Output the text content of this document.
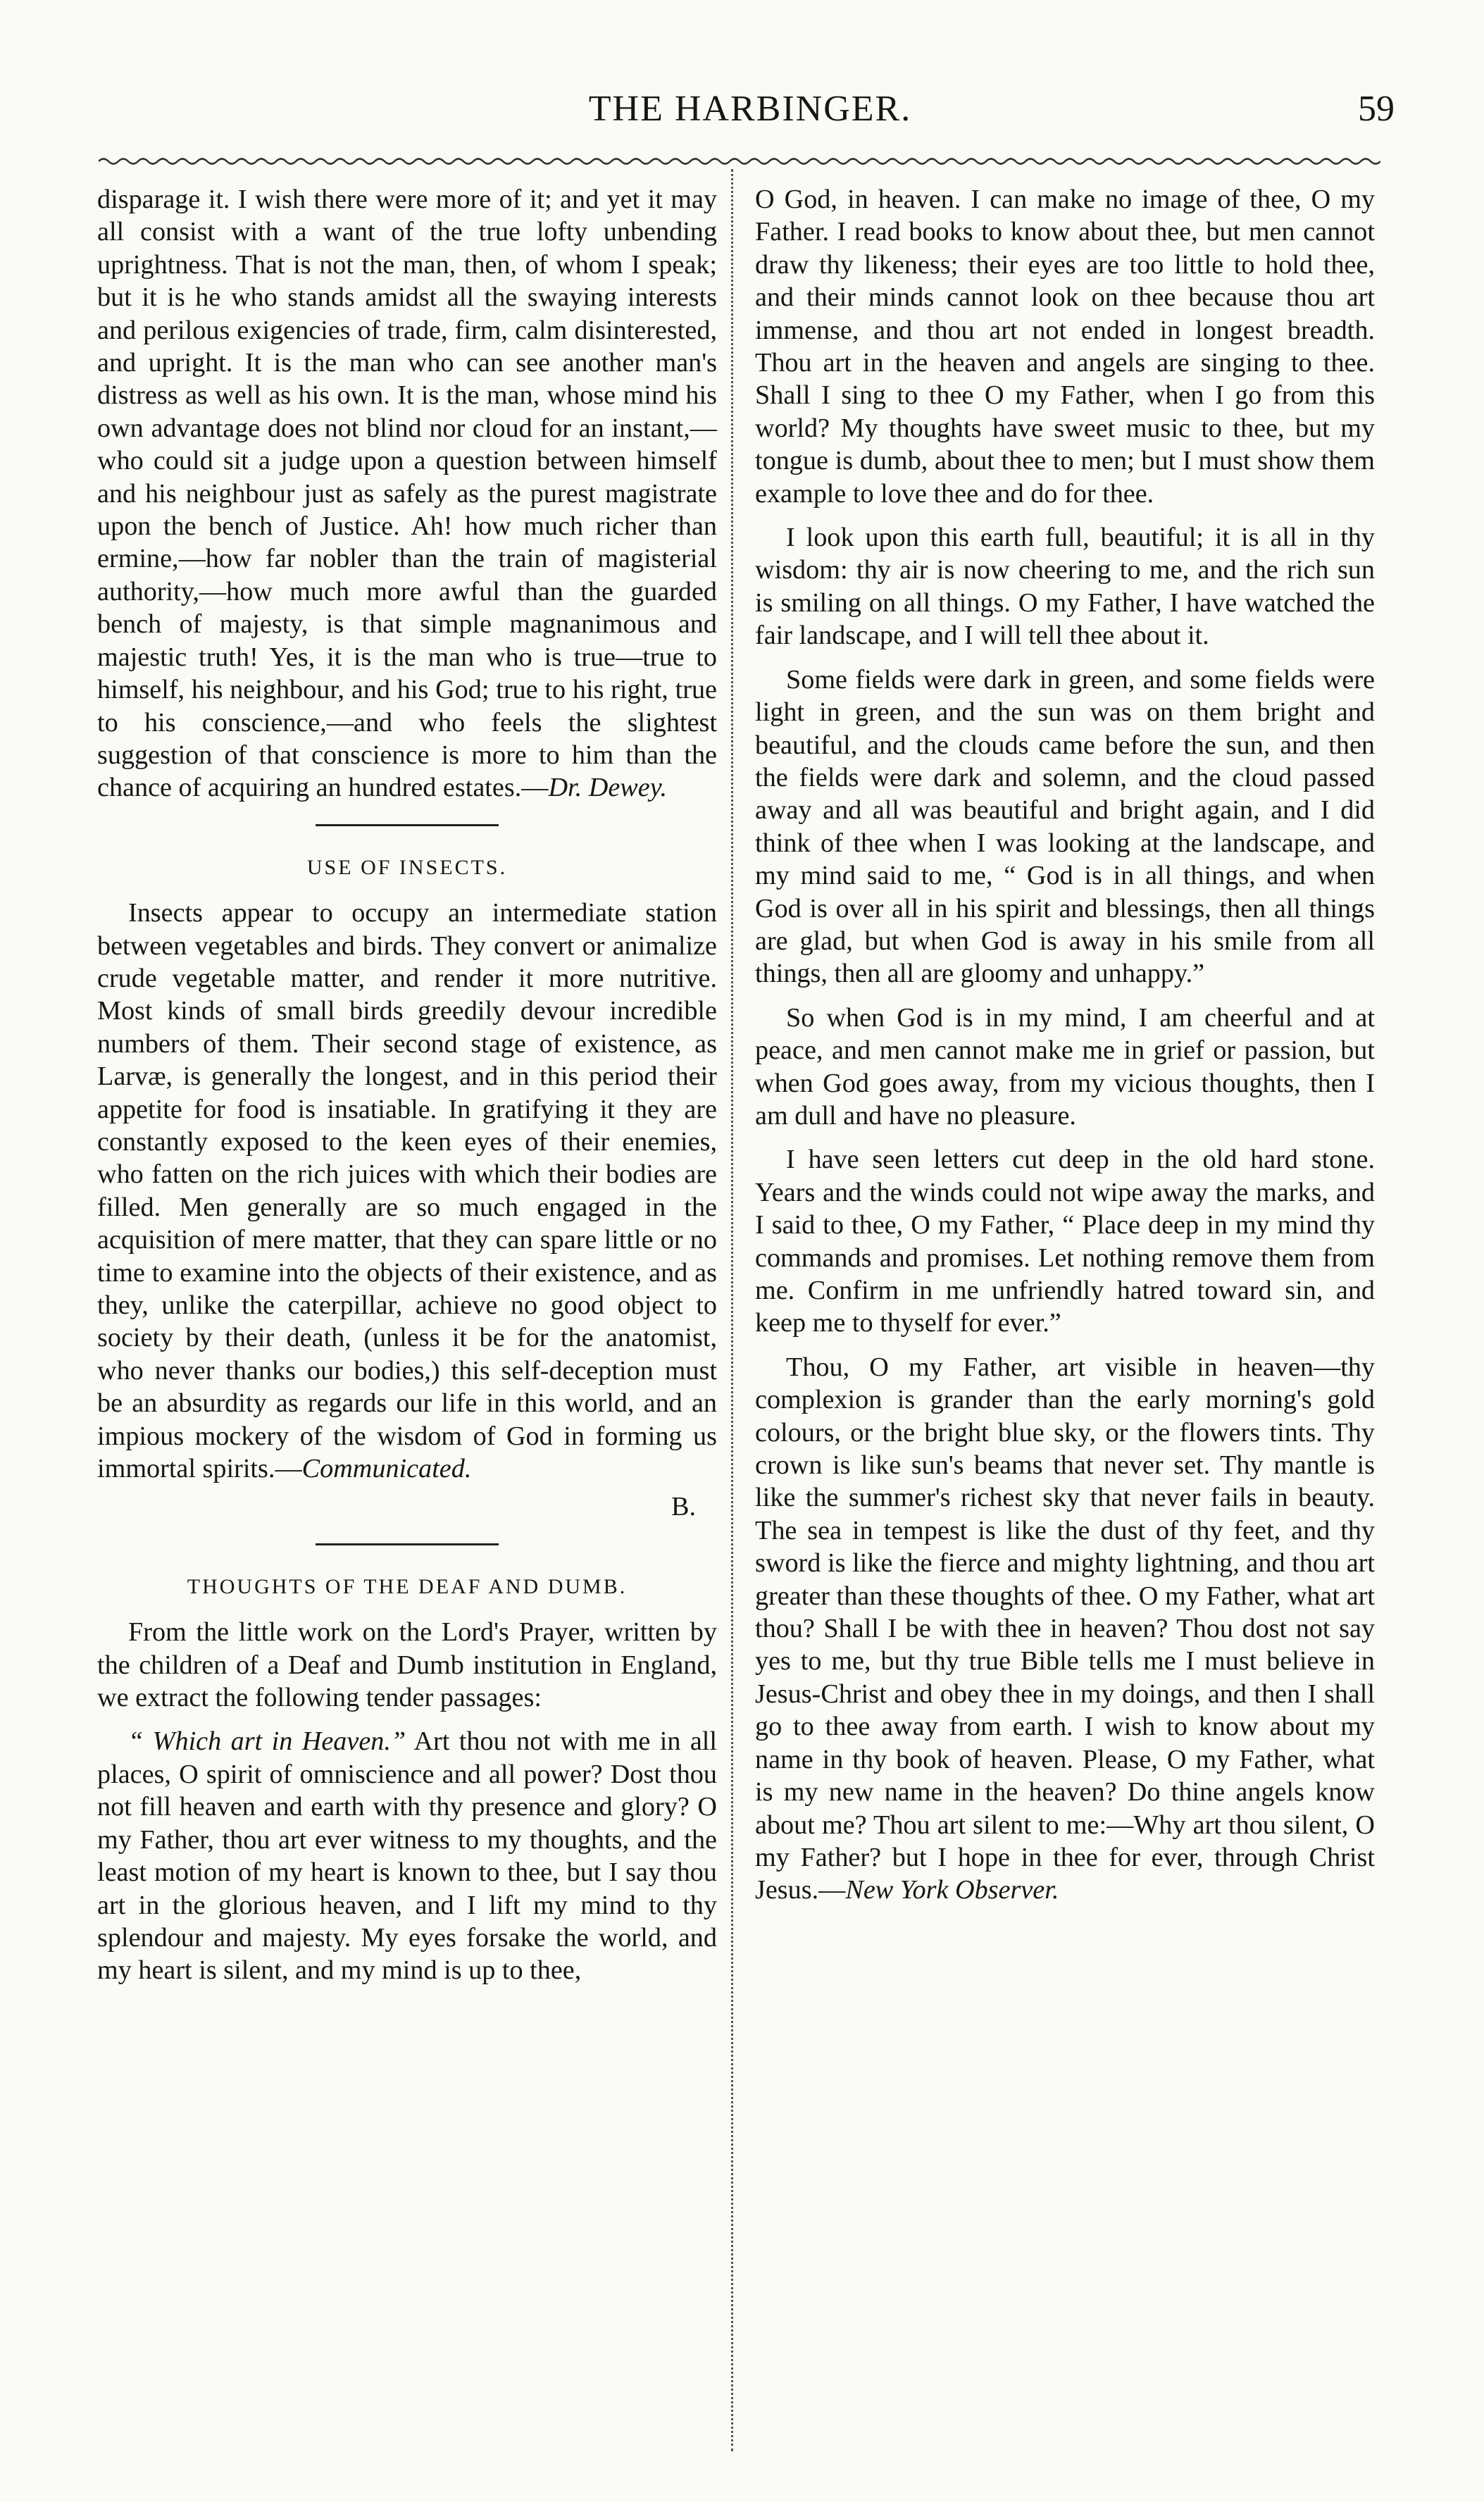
THE HARBINGER.	59

disparage it. I wish there were more of it; and yet it may all consist with a want of the true lofty unbending uprightness. That is not the man, then, of whom I speak; but it is he who stands amidst all the swaying interests and perilous exigencies of trade, firm, calm disinterested, and upright. It is the man who can see another man's distress as well as his own. It is the man, whose mind his own advantage does not blind nor cloud for an instant,—who could sit a judge upon a question between himself and his neighbour just as safely as the purest magistrate upon the bench of Justice. Ah! how much richer than ermine,—how far nobler than the train of magisterial authority,—how much more awful than the guarded bench of majesty, is that simple magnanimous and majestic truth! Yes, it is the man who is true—true to himself, his neighbour, and his God; true to his right, true to his conscience,—and who feels the slightest suggestion of that conscience is more to him than the chance of acquiring an hundred estates.—Dr. Dewey.

USE OF INSECTS.

Insects appear to occupy an intermediate station between vegetables and birds. They convert or animalize crude vegetable matter, and render it more nutritive. Most kinds of small birds greedily devour incredible numbers of them. Their second stage of existence, as Larvæ, is generally the longest, and in this period their appetite for food is insatiable. In gratifying it they are constantly exposed to the keen eyes of their enemies, who fatten on the rich juices with which their bodies are filled. Men generally are so much engaged in the acquisition of mere matter, that they can spare little or no time to examine into the objects of their existence, and as they, unlike the caterpillar, achieve no good object to society by their death, (unless it be for the anatomist, who never thanks our bodies,) this self-deception must be an absurdity as regards our life in this world, and an impious mockery of the wisdom of God in forming us immortal spirits.—Communicated.

B.
THOUGHTS OF THE DEAF AND DUMB.

From the little work on the Lord's Prayer, written by the children of a Deaf and Dumb institution in England, we extract the following tender passages:

“ Which art in Heaven.” Art thou not with me in all places, O spirit of omniscience and all power? Dost thou not fill heaven and earth with thy presence and glory? O my Father, thou art ever witness to my thoughts, and the least motion of my heart is known to thee, but I say thou art in the glorious heaven, and I lift my mind to thy splendour and majesty. My eyes forsake the world, and my heart is silent, and my mind is up to thee,

O God, in heaven. I can make no image of thee, O my Father. I read books to know about thee, but men cannot draw thy likeness; their eyes are too little to hold thee, and their minds cannot look on thee because thou art immense, and thou art not ended in longest breadth. Thou art in the heaven and angels are singing to thee. Shall I sing to thee O my Father, when I go from this world? My thoughts have sweet music to thee, but my tongue is dumb, about thee to men; but I must show them example to love thee and do for thee.

I look upon this earth full, beautiful; it is all in thy wisdom: thy air is now cheering to me, and the rich sun is smiling on all things. O my Father, I have watched the fair landscape, and I will tell thee about it.

Some fields were dark in green, and some fields were light in green, and the sun was on them bright and beautiful, and the clouds came before the sun, and then the fields were dark and solemn, and the cloud passed away and all was beautiful and bright again, and I did think of thee when I was looking at the landscape, and my mind said to me, “ God is in all things, and when God is over all in his spirit and blessings, then all things are glad, but when God is away in his smile from all things, then all are gloomy and unhappy.”

So when God is in my mind, I am cheerful and at peace, and men cannot make me in grief or passion, but when God goes away, from my vicious thoughts, then I am dull and have no pleasure.

I have seen letters cut deep in the old hard stone. Years and the winds could not wipe away the marks, and I said to thee, O my Father, “ Place deep in my mind thy commands and promises. Let nothing remove them from me. Confirm in me unfriendly hatred toward sin, and keep me to thyself for ever.”

Thou, O my Father, art visible in heaven—thy complexion is grander than the early morning's gold colours, or the bright blue sky, or the flowers tints. Thy crown is like sun's beams that never set. Thy mantle is like the summer's richest sky that never fails in beauty. The sea in tempest is like the dust of thy feet, and thy sword is like the fierce and mighty lightning, and thou art greater than these thoughts of thee. O my Father, what art thou? Shall I be with thee in heaven? Thou dost not say yes to me, but thy true Bible tells me I must believe in Jesus-Christ and obey thee in my doings, and then I shall go to thee away from earth. I wish to know about my name in thy book of heaven. Please, O my Father, what is my new name in the heaven? Do thine angels know about me? Thou art silent to me:—Why art thou silent, O my Father? but I hope in thee for ever, through Christ Jesus.—New York Observer.
